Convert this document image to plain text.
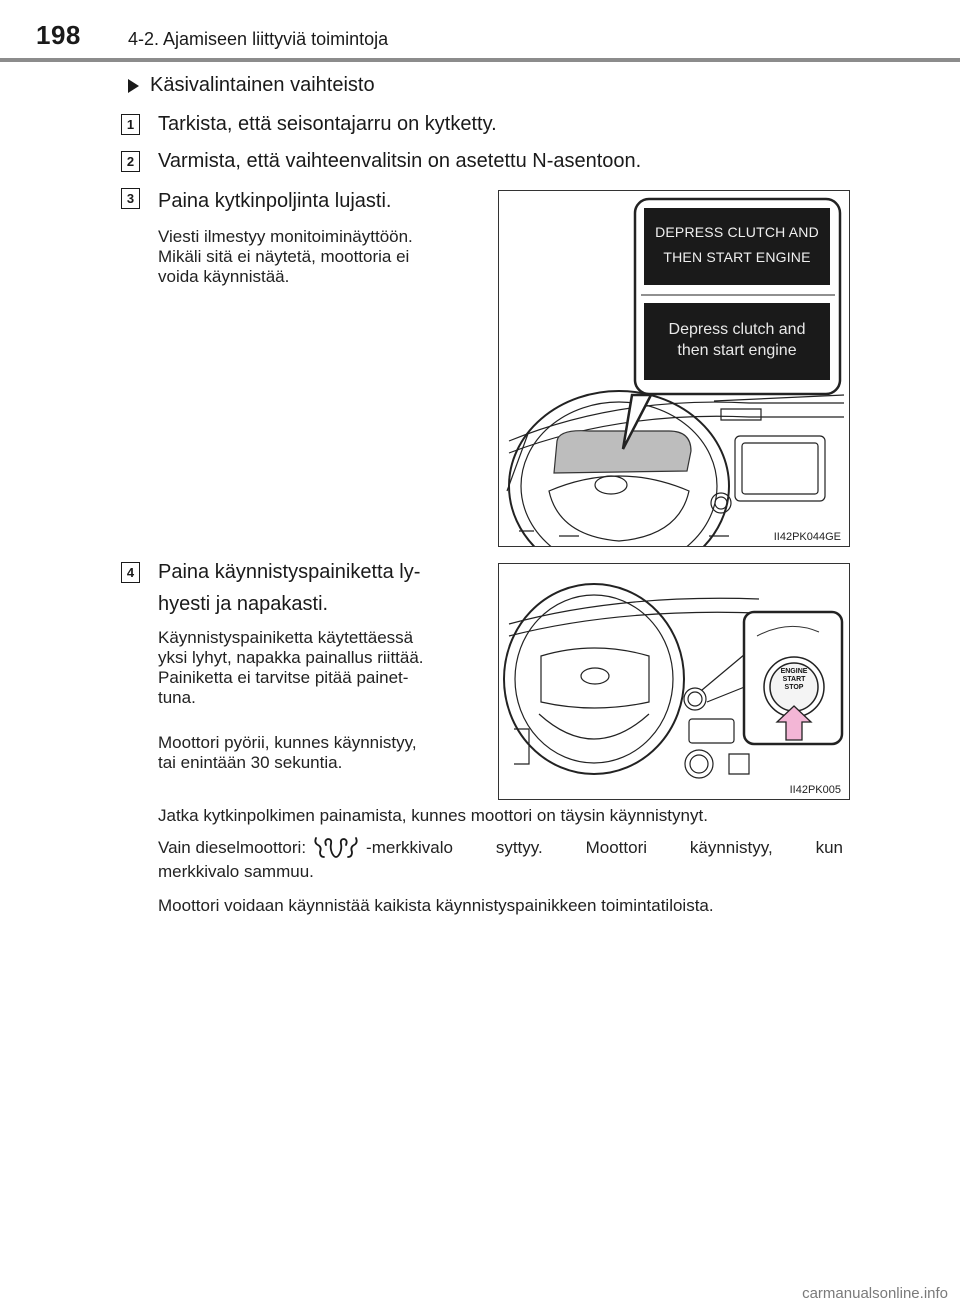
198	4-2. Ajamiseen liittyviä toimintoja
Käsivalintainen vaihteisto
1 Tarkista, että seisontajarru on kytketty.
2 Varmista, että vaihteenvalitsin on asetettu N-asentoon.
3 Paina kytkinpoljinta lujasti.
Viesti ilmestyy monitoiminäyttöön.
Mikäli sitä ei näytetä, moottoria ei
voida käynnistää.
DEPRESS CLUTCH AND
THEN START ENGINE
Depress clutch and
then start engine
II42PK044GE
4 Paina käynnistyspainiketta ly-
hyesti ja napakasti.
Käynnistyspainiketta käytettäessä
yksi lyhyt, napakka painallus riittää.
Painiketta ei tarvitse pitää painet-
tuna.
Moottori pyörii, kunnes käynnistyy,
tai enintään 30 sekuntia.
ENGINE
START
STOP
II42PK005
Jatka kytkinpolkimen painamista, kunnes moottori on täysin käynnistynyt.
Vain dieselmoottori:	-merkkivalo syttyy. Moottori käynnistyy, kun
merkkivalo sammuu.
Moottori voidaan käynnistää kaikista käynnistyspainikkeen toimintatiloista.
carmanualsonline.info
